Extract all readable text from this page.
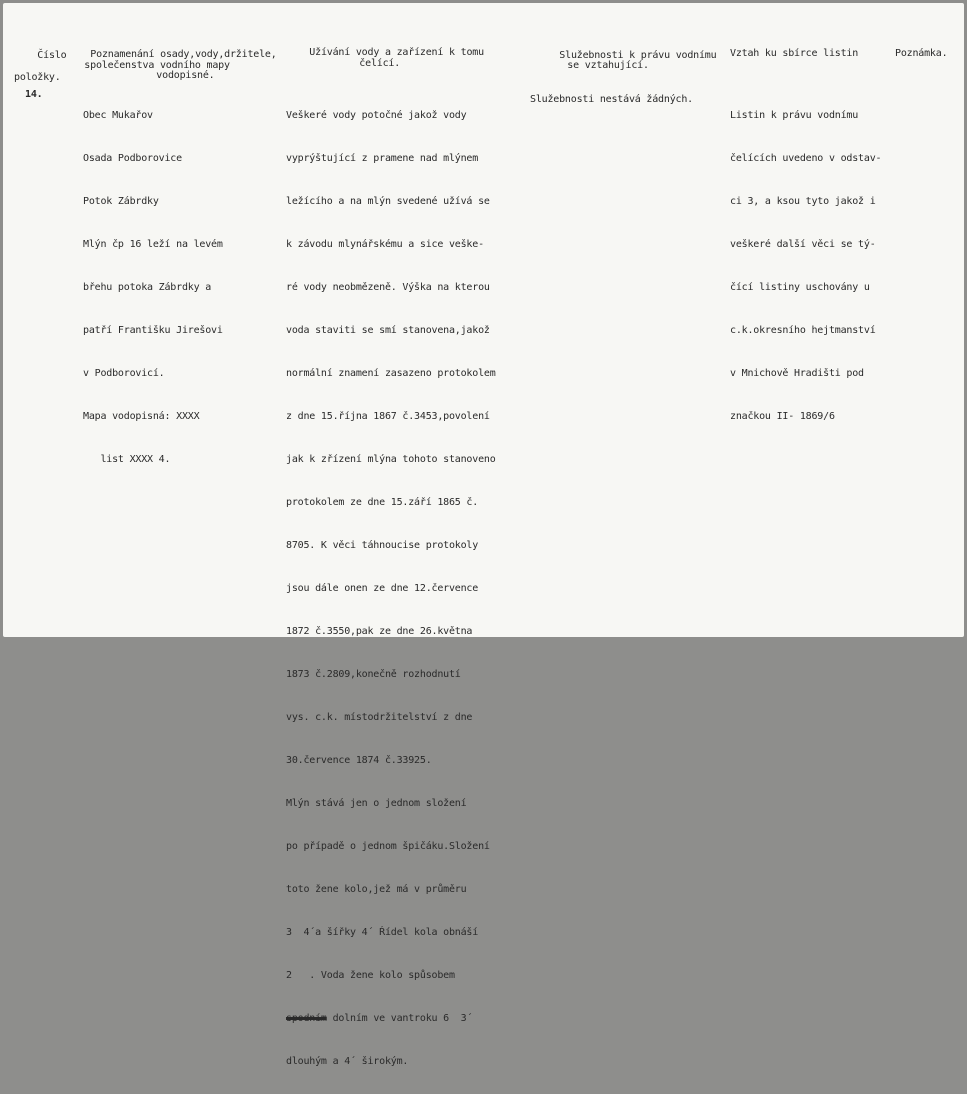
Číslo

položky.

Poznamenání osady,vody,držitele,

společenstva vodního mapy

vodopisné.

Užívání vody a zařízení k tomu

čelící.

Služebnosti k právu vodnímu

se vztahující.

Vztah ku sbírce listin	Poznámka.
14.

Obec Mukařov

Osada Podborovice

Potok Zábrdky

Mlýn čp 16 leží na levém

břehu potoka Zábrdky a

patří Františku Jirešovi

v Podborovicí.

Mapa vodopisná: XXXX

list XXXX 4.

Veškeré vody potočné jakož vody

vyprýštující z pramene nad mlýnem

ležícího a na mlýn svedené užívá se

k závodu mlynářskému a sice veške-

ré vody neobmězeně. Výška na kterou

voda staviti se smí stanovena,jakož

normální znamení zasazeno protokolem

z dne 15.října 1867 č.3453,povolení

jak k zřízení mlýna tohoto stanoveno

protokolem ze dne 15.září 1865 č.

8705. K věci táhnoucise protokoly

jsou dále onen ze dne 12.července

1872 č.3550,pak ze dne 26.května

1873 č.2809,konečně rozhodnutí

vys. c.k. místodržitelství z dne

30.července 1874 č.33925.

Mlýn stává jen o jednom složení

po případě o jednom špičáku.Složení

toto žene kolo,jež má v průměru

3  4´a šířky 4´ Ŕídel kola obnáší

2   . Voda žene kolo spůsobem

spodním dolním ve vantroku 6  3´

dlouhým a 4´ širokým.

Služebnosti nestává žádných.

Listin k právu vodnímu

čelících uvedeno v odstav-

ci 3, a ksou tyto jakož i

veškeré další věci se tý-

čící listiny uschovány u

c.k.okresního hejtmanství

v Mnichově Hradišti pod

značkou II- 1869/6
